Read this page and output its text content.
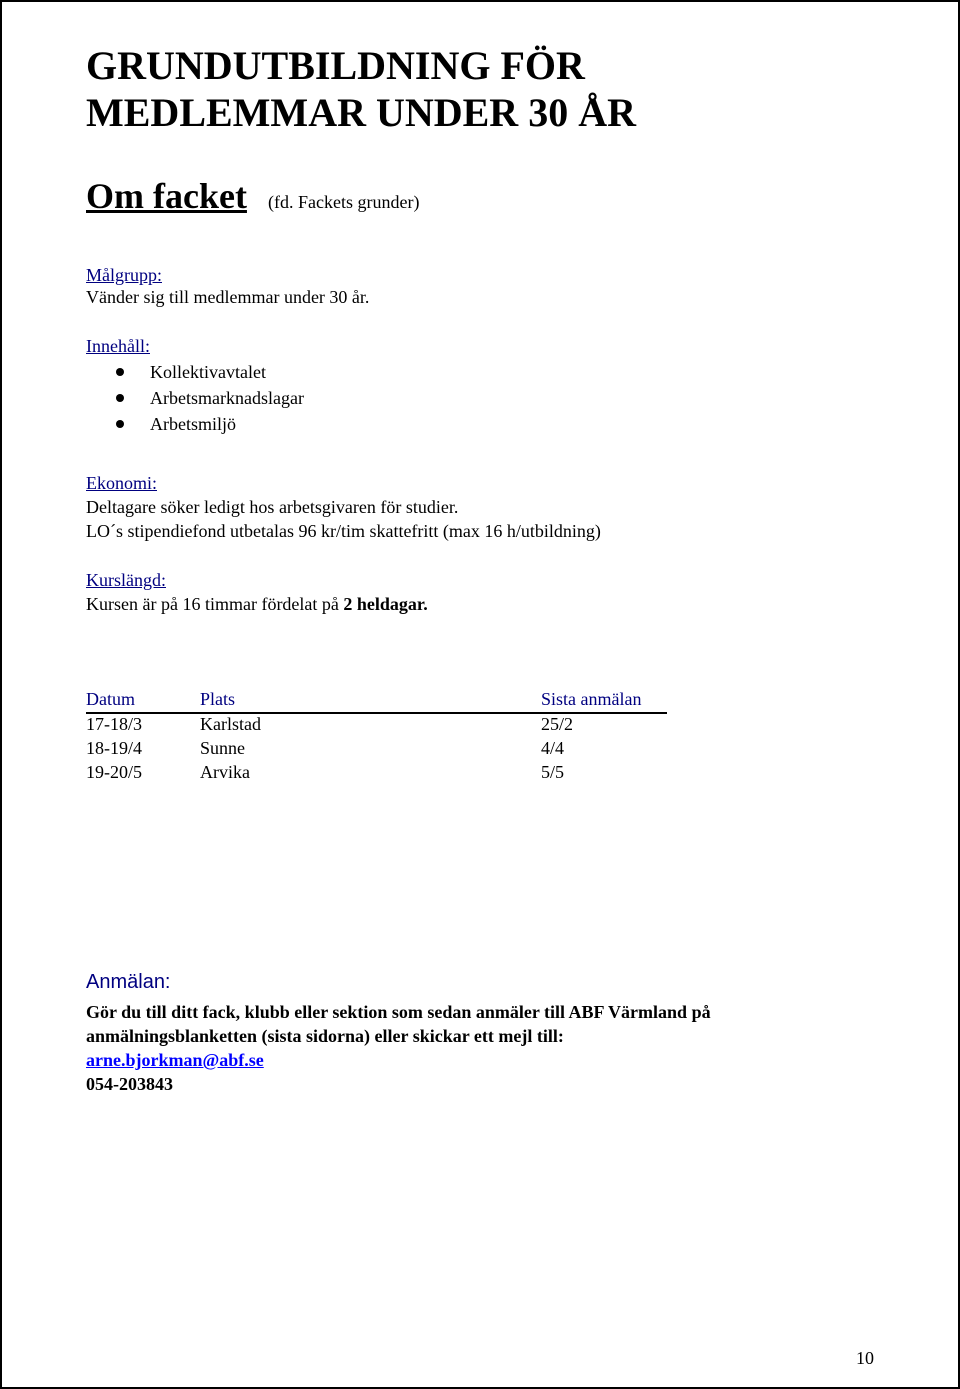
GRUNDUTBILDNING FÖR MEDLEMMAR UNDER 30 ÅR
Om facket (fd. Fackets grunder)
Målgrupp:
Vänder sig till medlemmar under 30 år.
Innehåll:
Kollektivavtalet
Arbetsmarknadslagar
Arbetsmiljö
Ekonomi:
Deltagare söker ledigt hos arbetsgivaren för studier.
LO´s stipendiefond utbetalas 96 kr/tim skattefritt (max 16 h/utbildning)
Kurslängd:
Kursen är på 16 timmar fördelat på 2 heldagar.
Datum	Plats	Sista anmälan
17-18/3	Karlstad	25/2
18-19/4	Sunne	4/4
19-20/5	Arvika	5/5
Anmälan:
Gör du till ditt fack, klubb eller sektion som sedan anmäler till ABF Värmland på anmälningsblanketten (sista sidorna) eller skickar ett mejl till:
arne.bjorkman@abf.se
054-203843
10
